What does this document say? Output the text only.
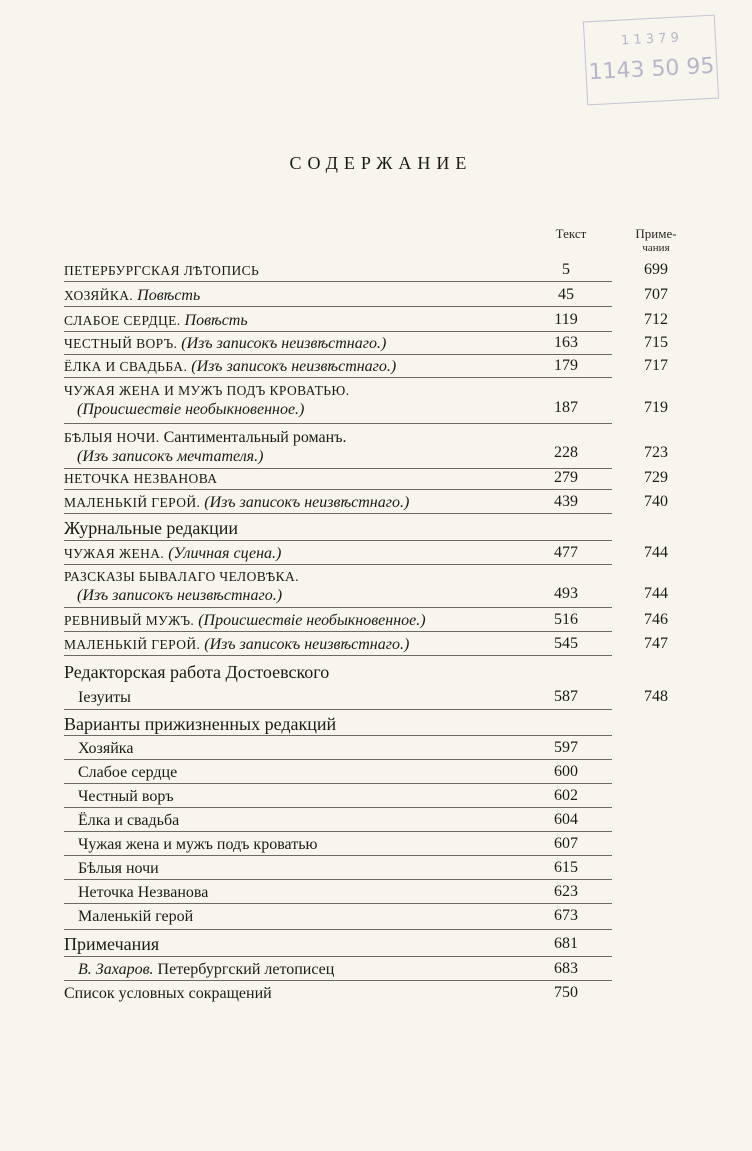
1 1 3 7 9
1143 50 95
СОДЕРЖАНИЕ
Текст	Приме-
чания
ПЕТЕРБУРГСКАЯ ЛѢТОПИСЬ	5	699
ХОЗЯЙКА. Повѣсть	45	707
СЛАБОЕ СЕРДЦЕ. Повѣсть	119	712
ЧЕСТНЫЙ ВОРЪ. (Изъ записокъ неизвѣстнаго.)	163	715
ЁЛКА И СВАДЬБА. (Изъ записокъ неизвѣстнаго.)	179	717
ЧУЖАЯ ЖЕНА И МУЖЪ ПОДЪ КРОВАТЬЮ.
(Происшествіе необыкновенное.)	187	719
БѢЛЫЯ НОЧИ. Сантиментальный романъ.
(Изъ записокъ мечтателя.)	228	723
НЕТОЧКА НЕЗВАНОВА	279	729
МАЛЕНЬКІЙ ГЕРОЙ. (Изъ записокъ неизвѣстнаго.)	439	740
Журнальные редакции
ЧУЖАЯ ЖЕНА. (Уличная сцена.)	477	744
РАЗСКАЗЫ БЫВАЛАГО ЧЕЛОВѢКА.
(Изъ записокъ неизвѣстнаго.)	493	744
РЕВНИВЫЙ МУЖЪ. (Происшествіе необыкновенное.)	516	746
МАЛЕНЬКІЙ ГЕРОЙ. (Изъ записокъ неизвѣстнаго.)	545	747
Редакторская работа Достоевского
Іезуиты	587	748
Варианты прижизненных редакций
Хозяйка	597
Слабое сердце	600
Честный воръ	602
Ёлка и свадьба	604
Чужая жена и мужъ подъ кроватью	607
Бѣлыя ночи	615
Неточка Незванова	623
Маленькій герой	673
Примечания	681
В. Захаров. Петербургский летописец	683
Список условных сокращений	750
